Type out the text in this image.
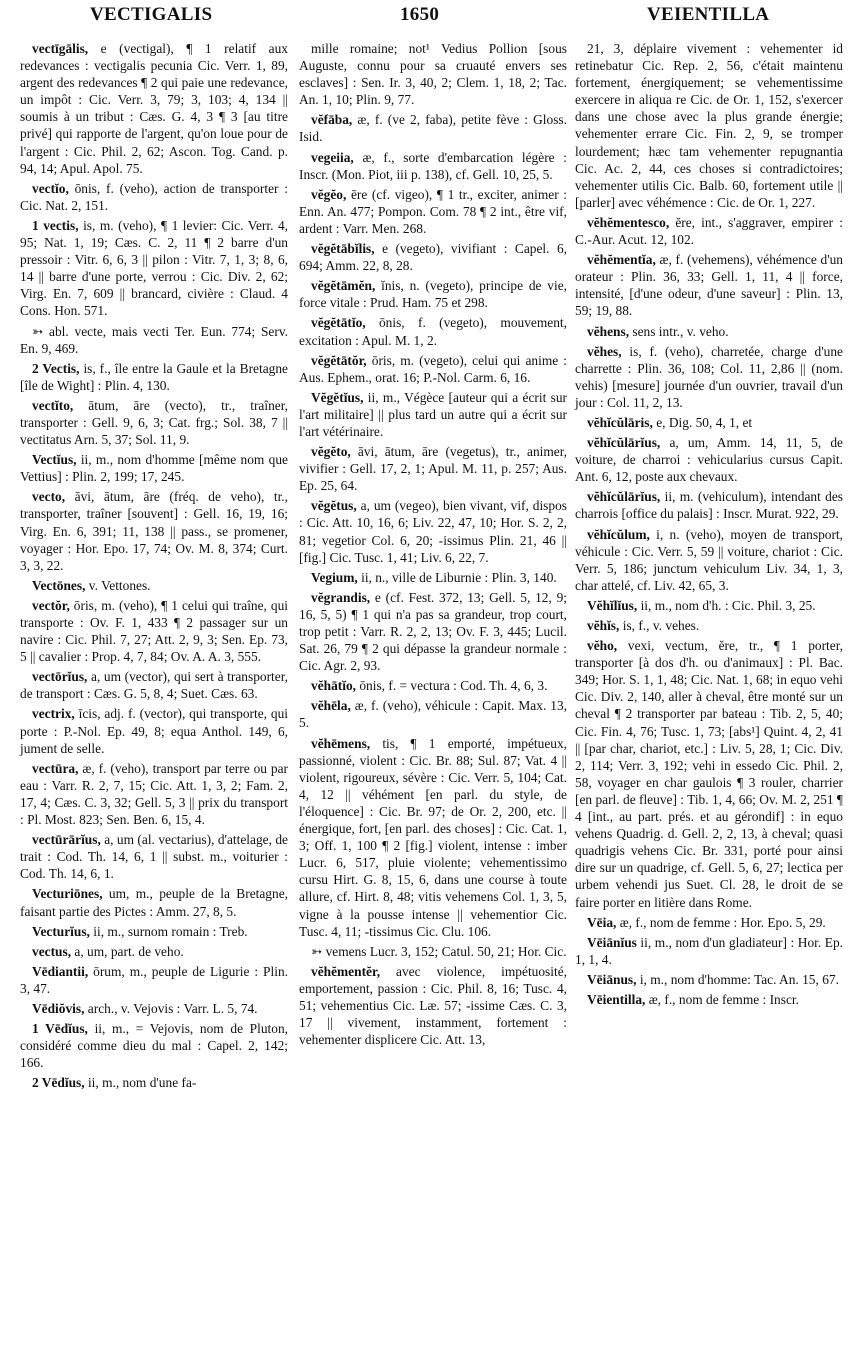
VECTIGALIS	1650	VEIENTILLA

vectīgālis, e (vectigal), ¶ 1 relatif aux redevances : vectigalis pecunia Cic. Verr. 1, 89, argent des redevances ¶ 2 qui paie une redevance, un impôt : Cic. Verr. 3, 79; 3, 103; 4, 134 || soumis à un tribut : Cæs. G. 4, 3 ¶ 3 [au titre privé] qui rapporte de l'argent, qu'on loue pour de l'argent : Cic. Phil. 2, 62; Ascon. Tog. Cand. p. 94, 14; Apul. Apol. 75.

vectĭo, ōnis, f. (veho), action de transporter : Cic. Nat. 2, 151.

1 vectis, is, m. (veho), ¶ 1 levier: Cic. Verr. 4, 95; Nat. 1, 19; Cæs. C. 2, 11 ¶ 2 barre d'un pressoir : Vitr. 6, 6, 3 || pilon : Vitr. 7, 1, 3; 8, 6, 14 || barre d'une porte, verrou : Cic. Div. 2, 62; Virg. En. 7, 609 || brancard, civière : Claud. 4 Cons. Hon. 571.

➳ abl. vecte, mais vecti Ter. Eun. 774; Serv. En. 9, 469.

2 Vectis, is, f., île entre la Gaule et la Bretagne [île de Wight] : Plin. 4, 130.

vectĭto, ātum, āre (vecto), tr., traîner, transporter : Gell. 9, 6, 3; Cat. frg.; Sol. 38, 7 || vectitatus Arn. 5, 37; Sol. 11, 9.

Vectĭus, ii, m., nom d'homme [même nom que Vettius] : Plin. 2, 199; 17, 245.

vecto, āvi, ātum, āre (fréq. de veho), tr., transporter, traîner [souvent] : Gell. 16, 19, 16; Virg. En. 6, 391; 11, 138 || pass., se promener, voyager : Hor. Epo. 17, 74; Ov. M. 8, 374; Curt. 3, 3, 22.

Vectōnes, v. Vettones.

vectŏr, ōris, m. (veho), ¶ 1 celui qui traîne, qui transporte : Ov. F. 1, 433 ¶ 2 passager sur un navire : Cic. Phil. 7, 27; Att. 2, 9, 3; Sen. Ep. 73, 5 || cavalier : Prop. 4, 7, 84; Ov. A. A. 3, 555.

vectōrĭus, a, um (vector), qui sert à transporter, de transport : Cæs. G. 5, 8, 4; Suet. Cæs. 63.

vectrix, īcis, adj. f. (vector), qui transporte, qui porte : P.-Nol. Ep. 49, 8; equa Anthol. 149, 6, jument de selle.

vectūra, æ, f. (veho), transport par terre ou par eau : Varr. R. 2, 7, 15; Cic. Att. 1, 3, 2; Fam. 2, 17, 4; Cæs. C. 3, 32; Gell. 5, 3 || prix du transport : Pl. Most. 823; Sen. Ben. 6, 15, 4.

vectūrārĭus, a, um (al. vectarius), d'attelage, de trait : Cod. Th. 14, 6, 1 || subst. m., voiturier : Cod. Th. 14, 6, 1.

Vecturiōnes, um, m., peuple de la Bretagne, faisant partie des Pictes : Amm. 27, 8, 5.

Vecturĭus, ii, m., surnom romain : Treb.

vectus, a, um, part. de veho.

Vēdiantii, ōrum, m., peuple de Ligurie : Plin. 3, 47.

Vēdiŏvis, arch., v. Vejovis : Varr. L. 5, 74.

1 Vēdĭus, ii, m., = Vejovis, nom de Pluton, considéré comme dieu du mal : Capel. 2, 142; 166.

2 Vēdĭus, ii, m., nom d'une fa-

mille romaine; not¹ Vedius Pollion [sous Auguste, connu pour sa cruauté envers ses esclaves] : Sen. Ir. 3, 40, 2; Clem. 1, 18, 2; Tac. An. 1, 10; Plin. 9, 77.

vĕfāba, æ, f. (ve 2, faba), petite fève : Gloss. Isid.

vegeiia, æ, f., sorte d'embarcation légère : Inscr. (Mon. Piot, iii p. 138), cf. Gell. 10, 25, 5.

vĕgĕo, ēre (cf. vigeo), ¶ 1 tr., exciter, animer : Enn. An. 477; Pompon. Com. 78 ¶ 2 int., être vif, ardent : Varr. Men. 268.

vĕgĕtābĭlis, e (vegeto), vivifiant : Capel. 6, 694; Amm. 22, 8, 28.

vĕgĕtāmĕn, ĭnis, n. (vegeto), principe de vie, force vitale : Prud. Ham. 75 et 298.

vĕgĕtātĭo, ōnis, f. (vegeto), mouvement, excitation : Apul. M. 1, 2.

vĕgĕtātŏr, ōris, m. (vegeto), celui qui anime : Aus. Ephem., orat. 16; P.-Nol. Carm. 6, 16.

Vĕgĕtĭus, ii, m., Végèce [auteur qui a écrit sur l'art militaire] || plus tard un autre qui a écrit sur l'art vétérinaire.

vĕgĕto, āvi, ātum, āre (vegetus), tr., animer, vivifier : Gell. 17, 2, 1; Apul. M. 11, p. 257; Aus. Ep. 25, 64.

vĕgĕtus, a, um (vegeo), bien vivant, vif, dispos : Cic. Att. 10, 16, 6; Liv. 22, 47, 10; Hor. S. 2, 2, 81; vegetior Col. 6, 20; -issimus Plin. 21, 46 || [fig.] Cic. Tusc. 1, 41; Liv. 6, 22, 7.

Vegium, ii, n., ville de Liburnie : Plin. 3, 140.

vĕgrandis, e (cf. Fest. 372, 13; Gell. 5, 12, 9; 16, 5, 5) ¶ 1 qui n'a pas sa grandeur, trop court, trop petit : Varr. R. 2, 2, 13; Ov. F. 3, 445; Lucil. Sat. 26, 79 ¶ 2 qui dépasse la grandeur normale : Cic. Agr. 2, 93.

vĕhātĭo, ōnis, f. = vectura : Cod. Th. 4, 6, 3.

vĕhēla, æ, f. (veho), véhicule : Capit. Max. 13, 5.

vĕhēmens, tis, ¶ 1 emporté, impétueux, passionné, violent : Cic. Br. 88; Sul. 87; Vat. 4 || violent, rigoureux, sévère : Cic. Verr. 5, 104; Cat. 4, 12 || véhément [en parl. du style, de l'éloquence] : Cic. Br. 97; de Or. 2, 200, etc. || énergique, fort, [en parl. des choses] : Cic. Cat. 1, 3; Off. 1, 100 ¶ 2 [fig.] violent, intense : imber Lucr. 6, 517, pluie violente; vehementissimo cursu Hirt. G. 8, 15, 6, dans une course à toute allure, cf. Hirt. 8, 48; vitis vehemens Col. 1, 3, 5, vigne à la pousse intense || vehementior Cic. Tusc. 4, 11; -tissimus Cic. Clu. 106.

➳ vemens Lucr. 3, 152; Catul. 50, 21; Hor. Cic.

vĕhĕmentĕr, avec violence, impétuosité, emportement, passion : Cic. Phil. 8, 16; Tusc. 4, 51; vehementius Cic. Læ. 57; -issime Cæs. C. 3, 17 || vivement, instamment, fortement : vehementer displicere Cic. Att. 13,

21, 3, déplaire vivement : vehementer id retinebatur Cic. Rep. 2, 56, c'était maintenu fortement, énergiquement; se vehementissime exercere in aliqua re Cic. de Or. 1, 152, s'exercer dans une chose avec la plus grande énergie; vehementer errare Cic. Fin. 2, 9, se tromper lourdement; hæc tam vehementer repugnantia Cic. Ac. 2, 44, ces choses si contradictoires; vehementer utilis Cic. Balb. 60, fortement utile || [parler] avec véhémence : Cic. de Or. 1, 227.

vĕhĕmentesco, ĕre, int., s'aggraver, empirer : C.-Aur. Acut. 12, 102.

vĕhĕmentĭa, æ, f. (vehemens), véhémence d'un orateur : Plin. 36, 33; Gell. 1, 11, 4 || force, intensité, [d'une odeur, d'une saveur] : Plin. 13, 59; 19, 88.

vĕhens, sens intr., v. veho.

vĕhes, is, f. (veho), charretée, charge d'une charrette : Plin. 36, 108; Col. 11, 2,86 || (nom. vehis) [mesure] journée d'un ouvrier, travail d'un jour : Col. 11, 2, 13.

vĕhĭcŭlāris, e, Dig. 50, 4, 1, et

vĕhĭcŭlārĭus, a, um, Amm. 14, 11, 5, de voiture, de charroi : vehicularius cursus Capit. Ant. 6, 12, poste aux chevaux.

vĕhĭcŭlārĭus, ii, m. (vehiculum), intendant des charrois [office du palais] : Inscr. Murat. 922, 29.

vĕhĭcŭlum, i, n. (veho), moyen de transport, véhicule : Cic. Verr. 5, 59 || voiture, chariot : Cic. Verr. 5, 186; junctum vehiculum Liv. 34, 1, 3, char attelé, cf. Liv. 42, 65, 3.

Vĕhĭlĭus, ii, m., nom d'h. : Cic. Phil. 3, 25.

vĕhĭs, is, f., v. vehes.

vĕho, vexi, vectum, ĕre, tr., ¶ 1 porter, transporter [à dos d'h. ou d'animaux] : Pl. Bac. 349; Hor. S. 1, 1, 48; Cic. Nat. 1, 68; in equo vehi Cic. Div. 2, 140, aller à cheval, être monté sur un cheval ¶ 2 transporter par bateau : Tib. 2, 5, 40; Cic. Fin. 4, 76; Tusc. 1, 73; [abs¹] Quint. 4, 2, 41 || [par char, chariot, etc.] : Liv. 5, 28, 1; Cic. Div. 2, 114; Verr. 3, 192; vehi in essedo Cic. Phil. 2, 58, voyager en char gaulois ¶ 3 rouler, charrier [en parl. de fleuve] : Tib. 1, 4, 66; Ov. M. 2, 251 ¶ 4 [int., au part. prés. et au gérondif] : in equo vehens Quadrig. d. Gell. 2, 2, 13, à cheval; quasi quadrigis vehens Cic. Br. 331, porté pour ainsi dire sur un quadrige, cf. Gell. 5, 6, 27; lectica per urbem vehendi jus Suet. Cl. 28, le droit de se faire porter en litière dans Rome.

Vēia, æ, f., nom de femme : Hor. Epo. 5, 29.

Vēiānĭus ii, m., nom d'un gladiateur] : Hor. Ep. 1, 1, 4.

Vēiānus, i, m., nom d'homme: Tac. An. 15, 67.

Vēientilla, æ, f., nom de femme : Inscr.
